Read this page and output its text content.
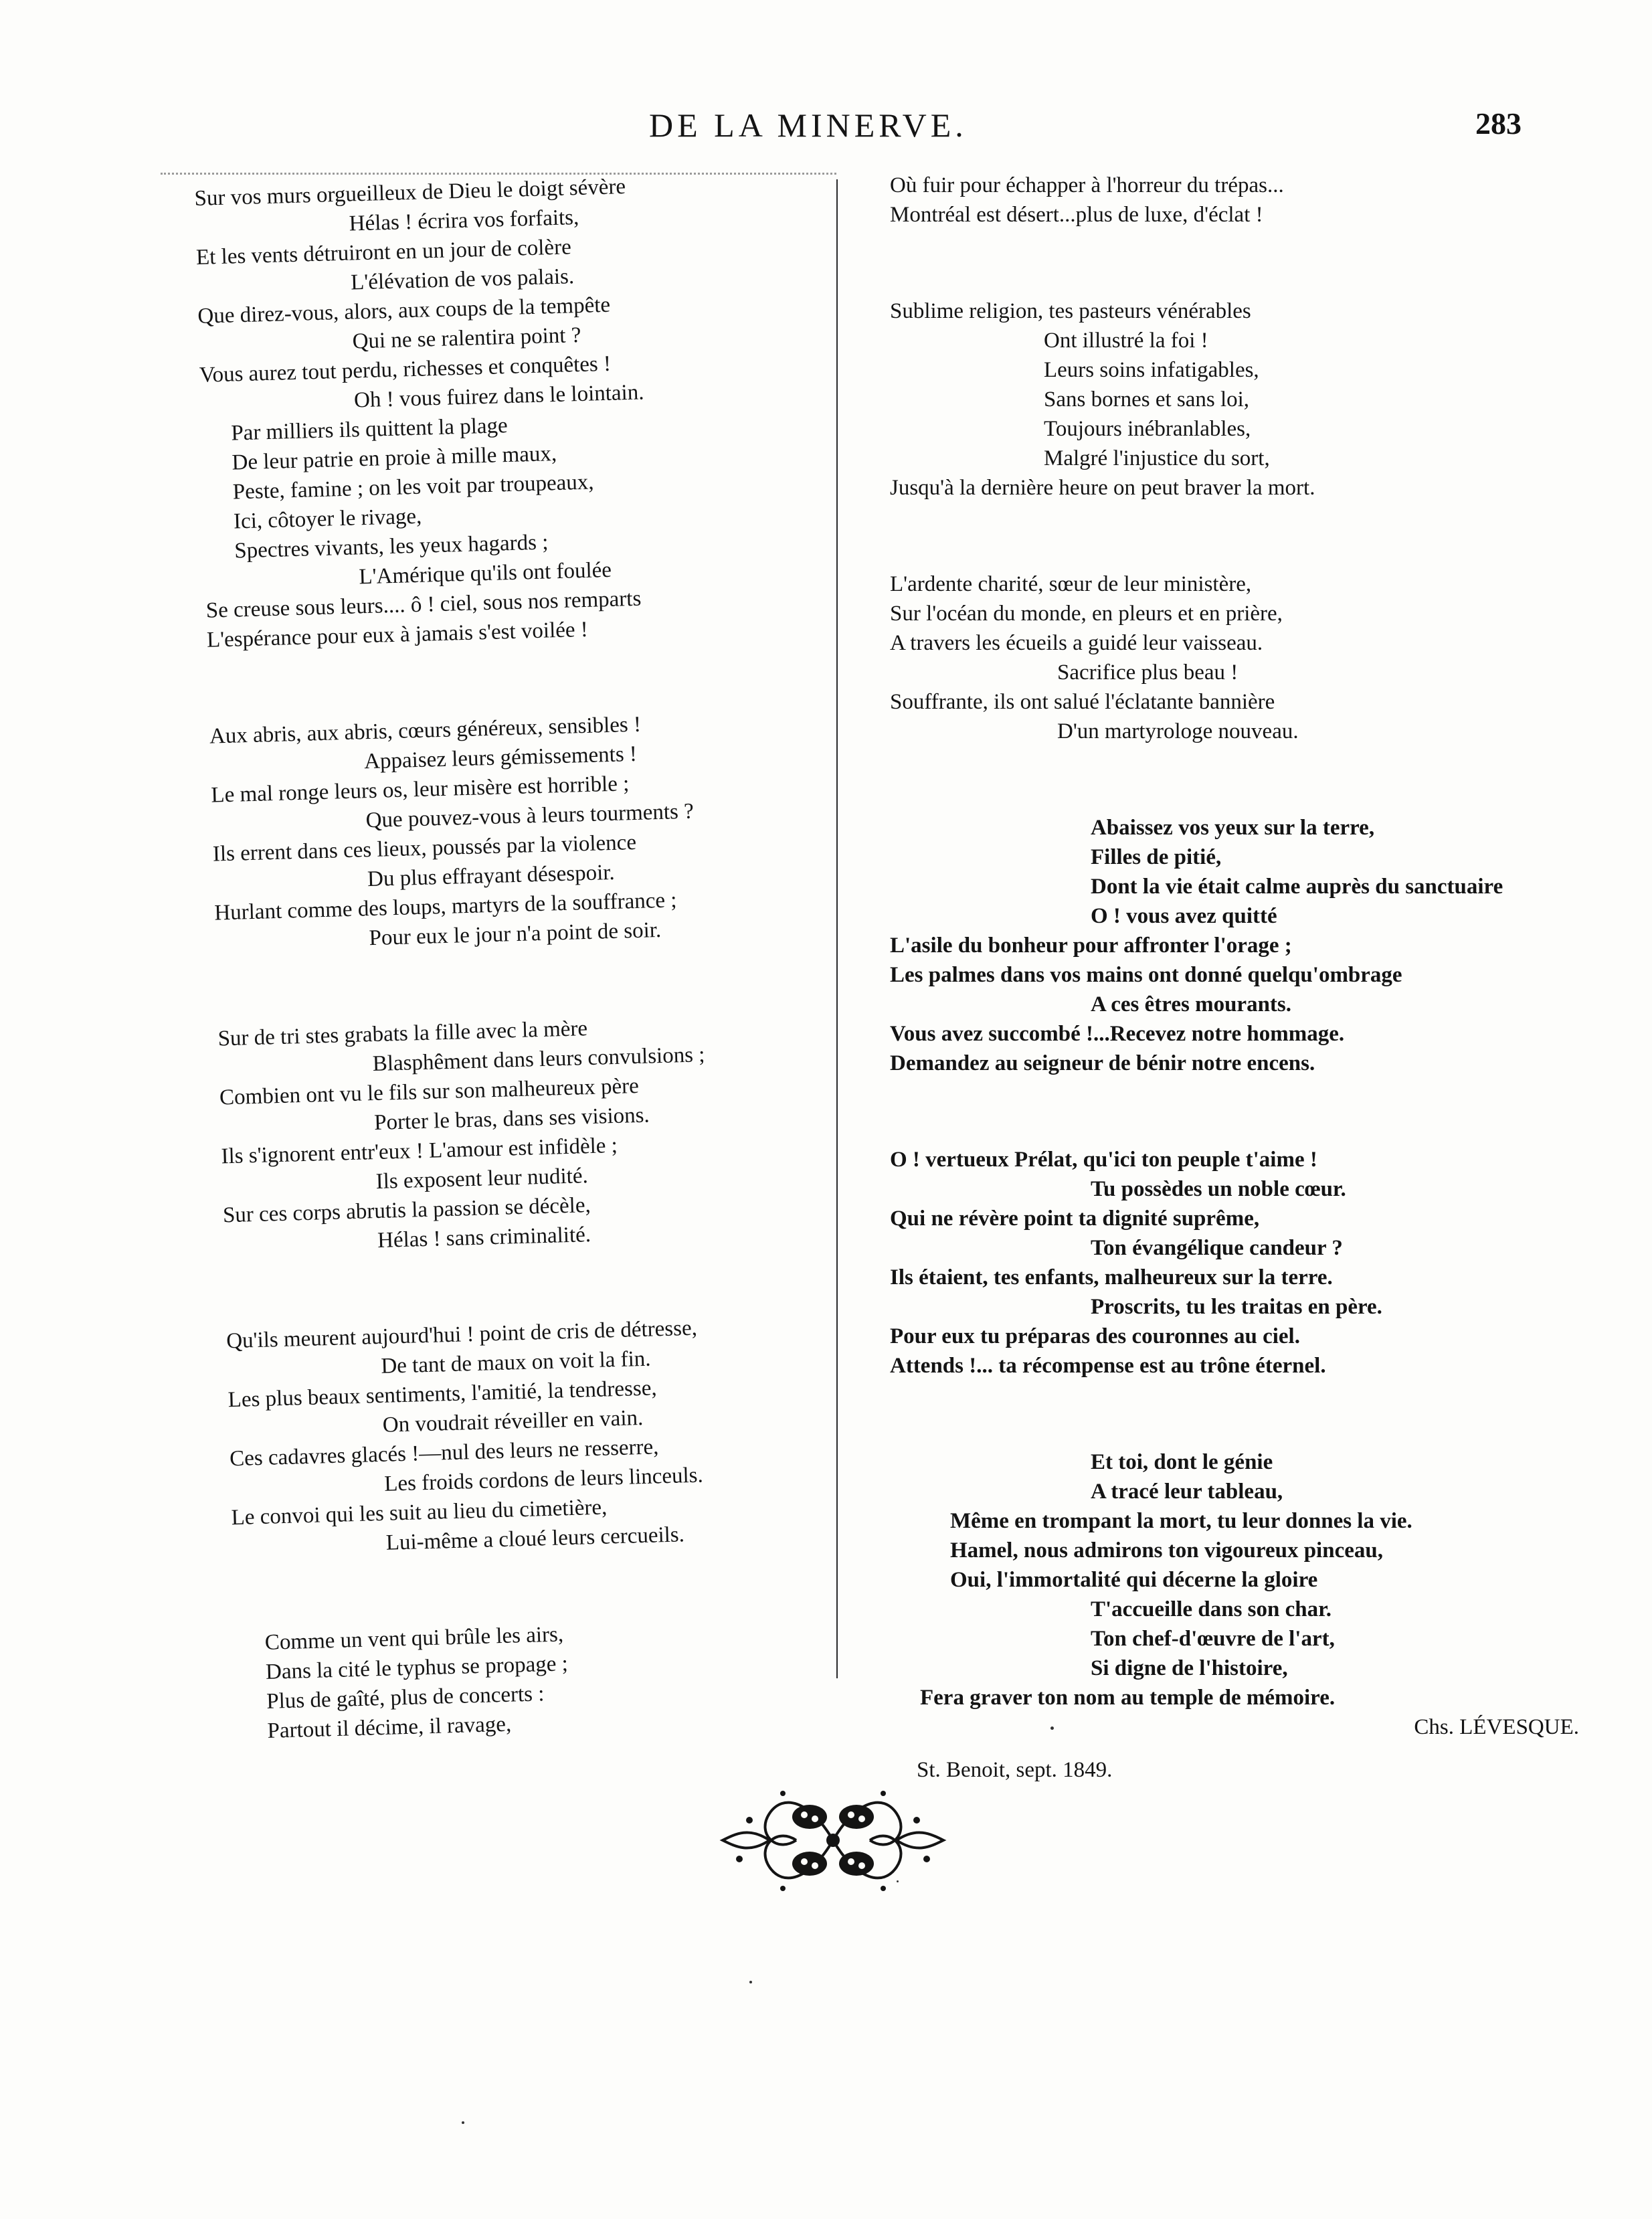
DE LA MINERVE.	283
Sur vos murs orgueilleux de Dieu le doigt sévère
Hélas ! écrira vos forfaits,
Et les vents détruiront en un jour de colère
L'élévation de vos palais.
Que direz-vous, alors, aux coups de la tempête
Qui ne se ralentira point ?
Vous aurez tout perdu, richesses et conquêtes !
Oh ! vous fuirez dans le lointain.
Par milliers ils quittent la plage
De leur patrie en proie à mille maux,
Peste, famine ; on les voit par troupeaux,
Ici, côtoyer le rivage,
Spectres vivants, les yeux hagards ;
L'Amérique qu'ils ont foulée
Se creuse sous leurs.... ô ! ciel, sous nos remparts
L'espérance pour eux à jamais s'est voilée !
Aux abris, aux abris, cœurs généreux, sensibles !
Appaisez leurs gémissements !
Le mal ronge leurs os, leur misère est horrible ;
Que pouvez-vous à leurs tourments ?
Ils errent dans ces lieux, poussés par la violence
Du plus effrayant désespoir.
Hurlant comme des loups, martyrs de la souffrance ;
Pour eux le jour n'a point de soir.
Sur de tri stes grabats la fille avec la mère
Blasphêment dans leurs convulsions ;
Combien ont vu le fils sur son malheureux père
Porter le bras, dans ses visions.
Ils s'ignorent entr'eux ! L'amour est infidèle ;
Ils exposent leur nudité.
Sur ces corps abrutis la passion se décèle,
Hélas ! sans criminalité.
Qu'ils meurent aujourd'hui ! point de cris de détresse,
De tant de maux on voit la fin.
Les plus beaux sentiments, l'amitié, la tendresse,
On voudrait réveiller en vain.
Ces cadavres glacés !—nul des leurs ne resserre,
Les froids cordons de leurs linceuls.
Le convoi qui les suit au lieu du cimetière,
Lui-même a cloué leurs cercueils.
Comme un vent qui brûle les airs,
Dans la cité le typhus se propage ;
Plus de gaîté, plus de concerts :
Partout il décime, il ravage,
Où fuir pour échapper à l'horreur du trépas...
Montréal est désert...plus de luxe, d'éclat !
Sublime religion, tes pasteurs vénérables
Ont illustré la foi !
Leurs soins infatigables,
Sans bornes et sans loi,
Toujours inébranlables,
Malgré l'injustice du sort,
Jusqu'à la dernière heure on peut braver la mort.
L'ardente charité, sœur de leur ministère,
Sur l'océan du monde, en pleurs et en prière,
A travers les écueils a guidé leur vaisseau.
Sacrifice plus beau !
Souffrante, ils ont salué l'éclatante bannière
D'un martyrologe nouveau.
Abaissez vos yeux sur la terre,
Filles de pitié,
Dont la vie était calme auprès du sanctuaire
O ! vous avez quitté
L'asile du bonheur pour affronter l'orage ;
Les palmes dans vos mains ont donné quelqu'ombrage
A ces êtres mourants.
Vous avez succombé !...Recevez notre hommage.
Demandez au seigneur de bénir notre encens.
O ! vertueux Prélat, qu'ici ton peuple t'aime !
Tu possèdes un noble cœur.
Qui ne révère point ta dignité suprême,
Ton évangélique candeur ?
Ils étaient, tes enfants, malheureux sur la terre.
Proscrits, tu les traitas en père.
Pour eux tu préparas des couronnes au ciel.
Attends !... ta récompense est au trône éternel.
Et toi, dont le génie
A tracé leur tableau,
Même en trompant la mort, tu leur donnes la vie.
Hamel, nous admirons ton vigoureux pinceau,
Oui, l'immortalité qui décerne la gloire
T'accueille dans son char.
Ton chef-d'œuvre de l'art,
Si digne de l'histoire,
Fera graver ton nom au temple de mémoire.
Chs. LÉVESQUE.
St. Benoit, sept. 1849.
